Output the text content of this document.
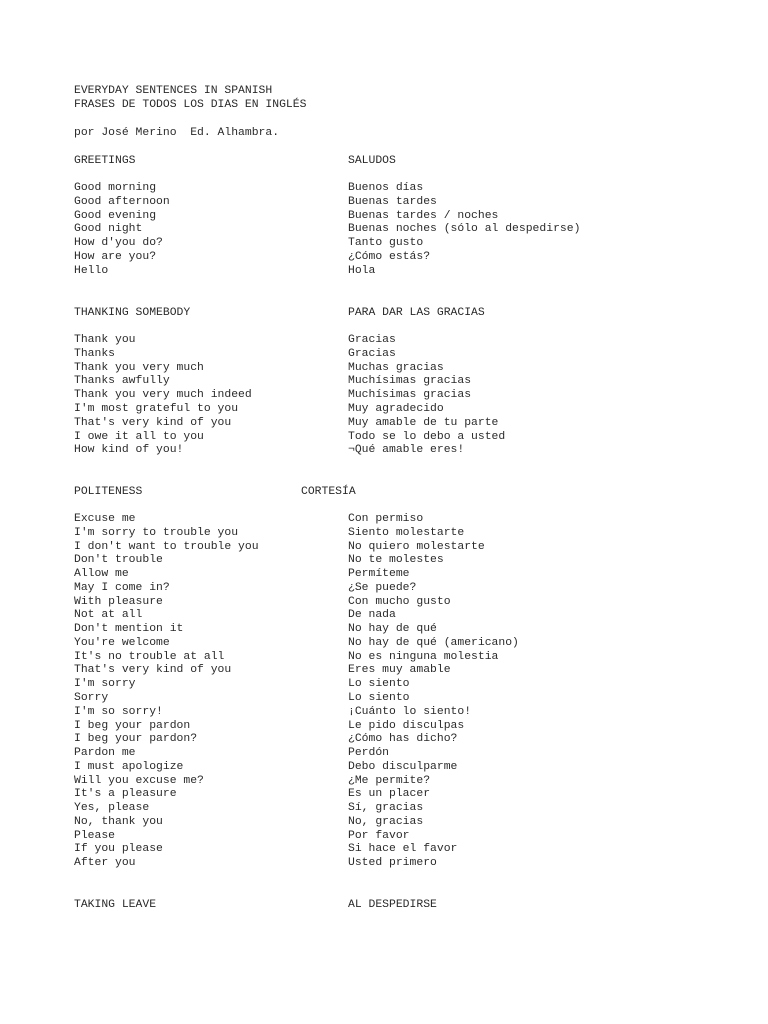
EVERYDAY SENTENCES IN SPANISH
FRASES DE TODOS LOS DIAS EN INGLÉS
por José Merino  Ed. Alhambra.
GREETINGS	SALUDOS
Good morning	Buenos días
Good afternoon	Buenas tardes
Good evening	Buenas tardes / noches
Good night	Buenas noches (sólo al despedirse)
How d'you do?	Tanto gusto
How are you?	¿Cómo estás?
Hello	Hola
THANKING SOMEBODY	PARA DAR LAS GRACIAS
Thank you	Gracias
Thanks	Gracias
Thank you very much	Muchas gracias
Thanks awfully	Muchísimas gracias
Thank you very much indeed	Muchísimas gracias
I'm most grateful to you	Muy agradecido
That's very kind of you	Muy amable de tu parte
I owe it all to you	Todo se lo debo a usted
How kind of you!	¬Qué amable eres!
POLITENESS	CORTESÍA
Excuse me	Con permiso
I'm sorry to trouble you	Siento molestarte
I don't want to trouble you	No quiero molestarte
Don't trouble	No te molestes
Allow me	Permíteme
May I come in?	¿Se puede?
With pleasure	Con mucho gusto
Not at all	De nada
Don't mention it	No hay de qué
You're welcome	No hay de qué (americano)
It's no trouble at all	No es ninguna molestia
That's very kind of you	Eres muy amable
I'm sorry	Lo siento
Sorry	Lo siento
I'm so sorry!	¡Cuánto lo siento!
I beg your pardon	Le pido disculpas
I beg your pardon?	¿Cómo has dicho?
Pardon me	Perdón
I must apologize	Debo disculparme
Will you excuse me?	¿Me permite?
It's a pleasure	Es un placer
Yes, please	Sí, gracias
No, thank you	No, gracias
Please	Por favor
If you please	Si hace el favor
After you	Usted primero
TAKING LEAVE	AL DESPEDIRSE
